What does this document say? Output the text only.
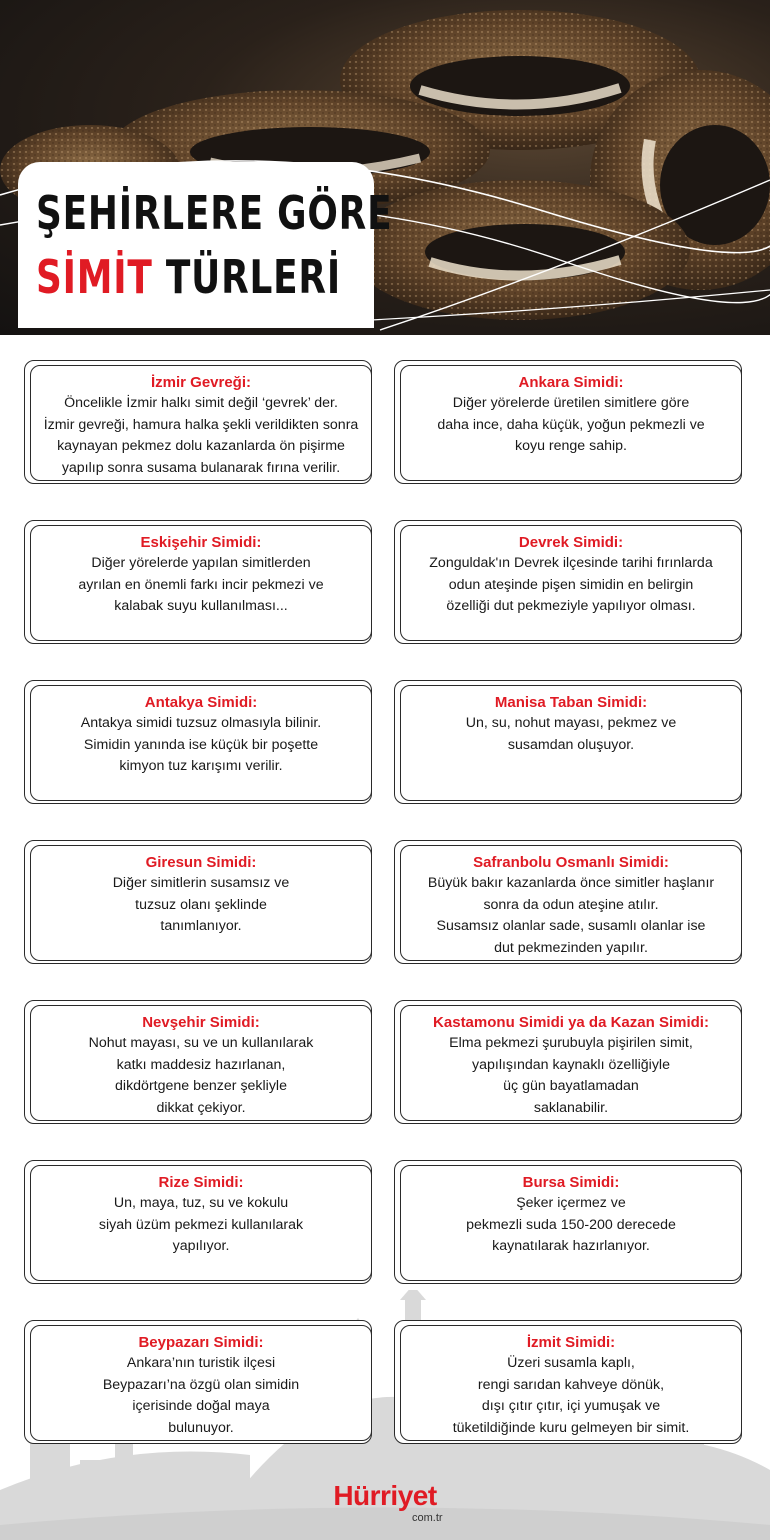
ŞEHİRLERE GÖRE
SİMİT TÜRLERİ
İzmir Gevreği:
Öncelikle İzmir halkı simit değil ‘gevrek’ der.
İzmir gevreği, hamura halka şekli verildikten sonra
kaynayan pekmez dolu kazanlarda ön pişirme
yapılıp sonra susama bulanarak fırına verilir.
Ankara Simidi:
Diğer yörelerde üretilen simitlere göre
daha ince, daha küçük, yoğun pekmezli ve
koyu renge sahip.
Eskişehir Simidi:
Diğer yörelerde yapılan simitlerden
ayrılan en önemli farkı incir pekmezi ve
kalabak suyu kullanılması...
Devrek Simidi:
Zonguldak'ın Devrek ilçesinde tarihi fırınlarda
odun ateşinde pişen simidin en belirgin
özelliği dut pekmeziyle yapılıyor olması.
Antakya Simidi:
Antakya simidi tuzsuz olmasıyla bilinir.
Simidin yanında ise küçük bir poşette
kimyon tuz karışımı verilir.
Manisa Taban Simidi:
Un, su, nohut mayası, pekmez ve
susamdan oluşuyor.
Giresun Simidi:
Diğer simitlerin susamsız ve
tuzsuz olanı şeklinde
tanımlanıyor.
Safranbolu Osmanlı Simidi:
Büyük bakır kazanlarda önce simitler haşlanır
sonra da odun ateşine atılır.
Susamsız olanlar sade, susamlı olanlar ise
dut pekmezinden yapılır.
Nevşehir Simidi:
Nohut mayası, su ve un kullanılarak
katkı maddesiz hazırlanan,
dikdörtgene benzer şekliyle
dikkat çekiyor.
Kastamonu Simidi ya da Kazan Simidi:
Elma pekmezi şurubuyla pişirilen simit,
yapılışından kaynaklı özelliğiyle
üç gün bayatlamadan
saklanabilir.
Rize Simidi:
Un, maya, tuz, su ve kokulu
siyah üzüm pekmezi kullanılarak
yapılıyor.
Bursa Simidi:
Şeker içermez ve
pekmezli suda 150-200 derecede
kaynatılarak hazırlanıyor.
Beypazarı Simidi:
Ankara’nın turistik ilçesi
Beypazarı’na özgü olan simidin
içerisinde doğal maya
bulunuyor.
İzmit Simidi:
Üzeri susamla kaplı,
rengi sarıdan kahveye dönük,
dışı çıtır çıtır, içi yumuşak ve
tüketildiğinde kuru gelmeyen bir simit.
Hürriyet
com.tr
